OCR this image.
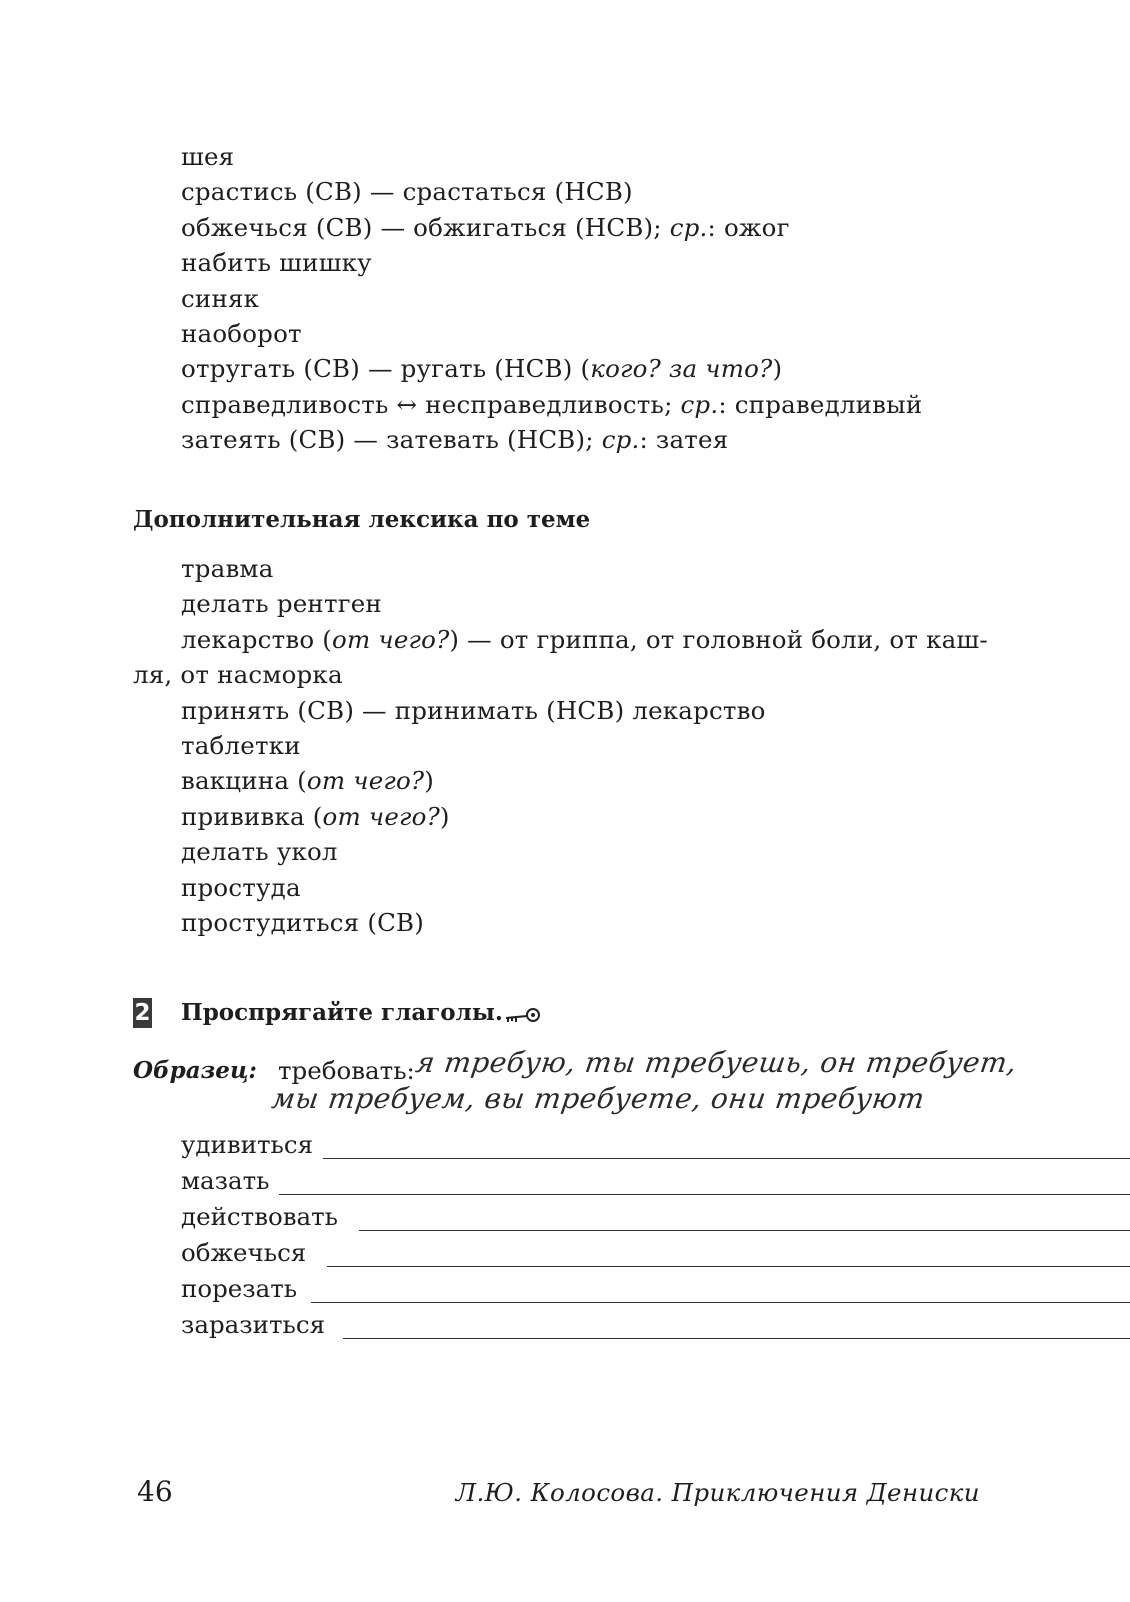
шея
срастись (СВ) — срастаться (НСВ)
обжечься (СВ) — обжигаться (НСВ); ср.: ожог
набить шишку
синяк
наоборот
отругать (СВ) — ругать (НСВ) (кого? за что?)
справедливость ↔ несправедливость; ср.: справедливый
затеять (СВ) — затевать (НСВ); ср.: затея
Дополнительная лексика по теме
травма
делать рентген
лекарство (от чего?) — от гриппа, от головной боли, от каш-
ля, от насморка
принять (СВ) — принимать (НСВ) лекарство
таблетки
вакцина (от чего?)
прививка (от чего?)
делать укол
простуда
простудиться (СВ)
2 Проспрягайте глаголы.
Образец: требовать:
я требую, ты требуешь, он требует,
мы требуем, вы требуете, они требуют
удивиться
мазать
действовать
обжечься
порезать
заразиться
46	Л.Ю. Колосова. Приключения Дениски
